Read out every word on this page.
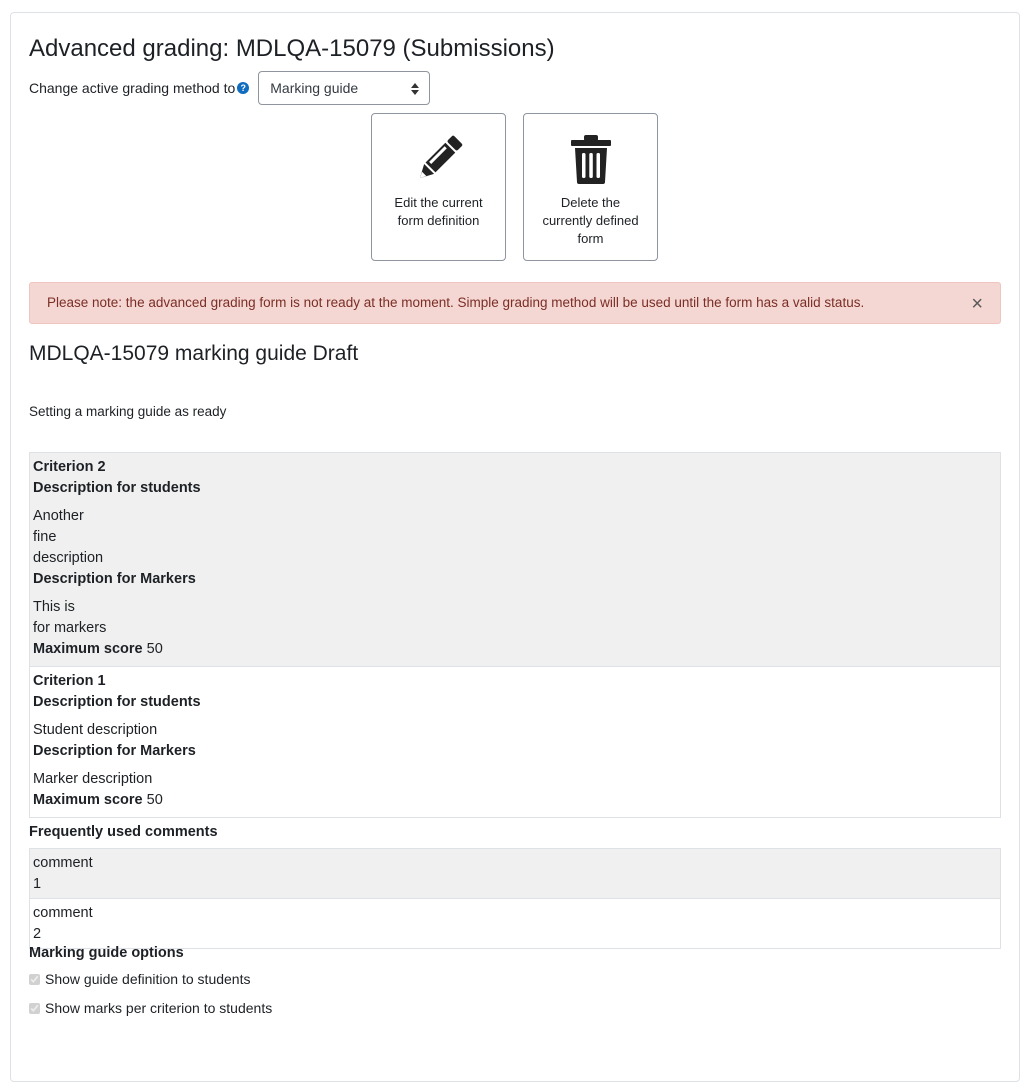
Advanced grading: MDLQA-15079 (Submissions)
Change active grading method to ?	Marking guide
Edit the current form definition
Delete the currently defined form
Please note: the advanced grading form is not ready at the moment. Simple grading method will be used until the form has a valid status.	×
MDLQA-15079 marking guide Draft
Setting a marking guide as ready
Criterion 2
Description for students
Another
fine
description
Description for Markers
This is
for markers
Maximum score 50
Criterion 1
Description for students
Student description
Description for Markers
Marker description
Maximum score 50
Frequently used comments
comment
1
comment
2
Marking guide options
Show guide definition to students
Show marks per criterion to students
